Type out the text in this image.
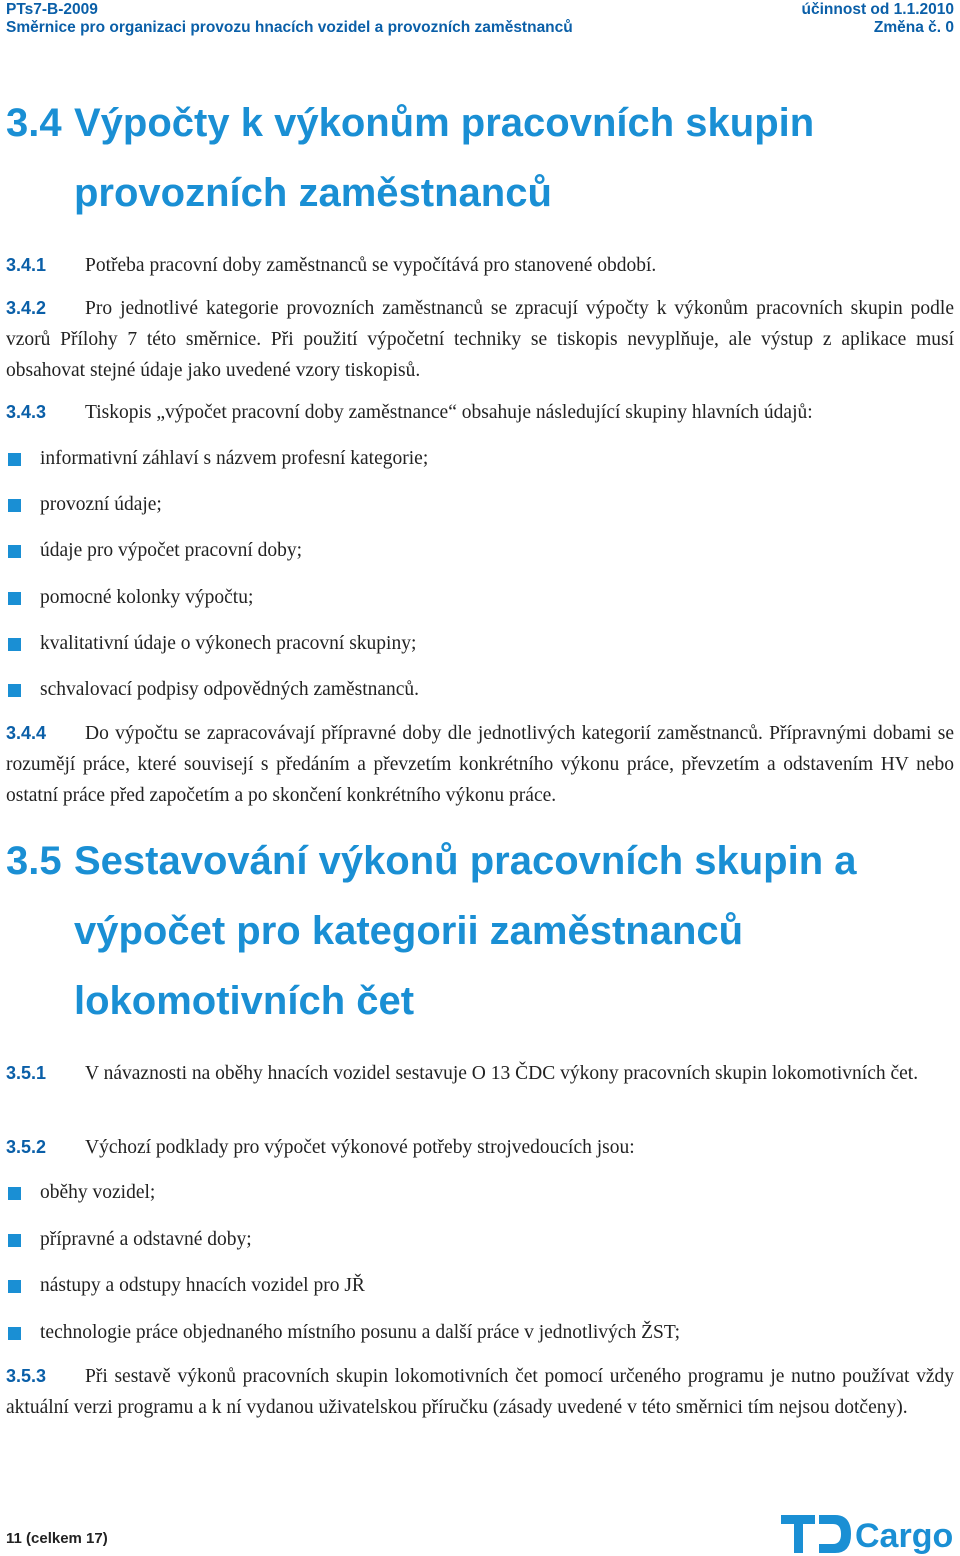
PTs7-B-2009	účinnost od 1.1.2010
Směrnice pro organizaci provozu hnacích vozidel a provozních zaměstnanců	Změna č. 0
3.4 Výpočty k výkonům pracovních skupin provozních zaměstnanců
3.4.1 Potřeba pracovní doby zaměstnanců se vypočítává pro stanovené období.
3.4.2 Pro jednotlivé kategorie provozních zaměstnanců se zpracují výpočty k výkonům pracovních skupin podle vzorů Přílohy 7 této směrnice. Při použití výpočetní techniky se tiskopis nevyplňuje, ale výstup z aplikace musí obsahovat stejné údaje jako uvedené vzory tiskopisů.
3.4.3 Tiskopis „výpočet pracovní doby zaměstnance“ obsahuje následující skupiny hlavních údajů:
informativní záhlaví s názvem profesní kategorie;
provozní údaje;
údaje pro výpočet pracovní doby;
pomocné kolonky výpočtu;
kvalitativní údaje o výkonech pracovní skupiny;
schvalovací podpisy odpovědných zaměstnanců.
3.4.4 Do výpočtu se zapracovávají přípravné doby dle jednotlivých kategorií zaměstnanců. Přípravnými dobami se rozumějí práce, které souvisejí s předáním a převzetím konkrétního výkonu práce, převzetím a odstavením HV nebo ostatní práce před započetím a po skončení konkrétního výkonu práce.
3.5 Sestavování výkonů pracovních skupin a výpočet pro kategorii zaměstnanců lokomotivních čet
3.5.1 V návaznosti na oběhy hnacích vozidel sestavuje O 13 ČDC výkony pracovních skupin lokomotivních čet.
3.5.2 Výchozí podklady pro výpočet výkonové potřeby strojvedoucích jsou:
oběhy vozidel;
přípravné a odstavné doby;
nástupy a odstupy hnacích vozidel pro JŘ
technologie práce objednaného místního posunu a další práce v jednotlivých ŽST;
3.5.3 Při sestavě výkonů pracovních skupin lokomotivních čet pomocí určeného programu je nutno používat vždy aktuální verzi programu a k ní vydanou uživatelskou příručku (zásady uvedené v této směrnici tím nejsou dotčeny).
11 (celkem 17)	Cargo
